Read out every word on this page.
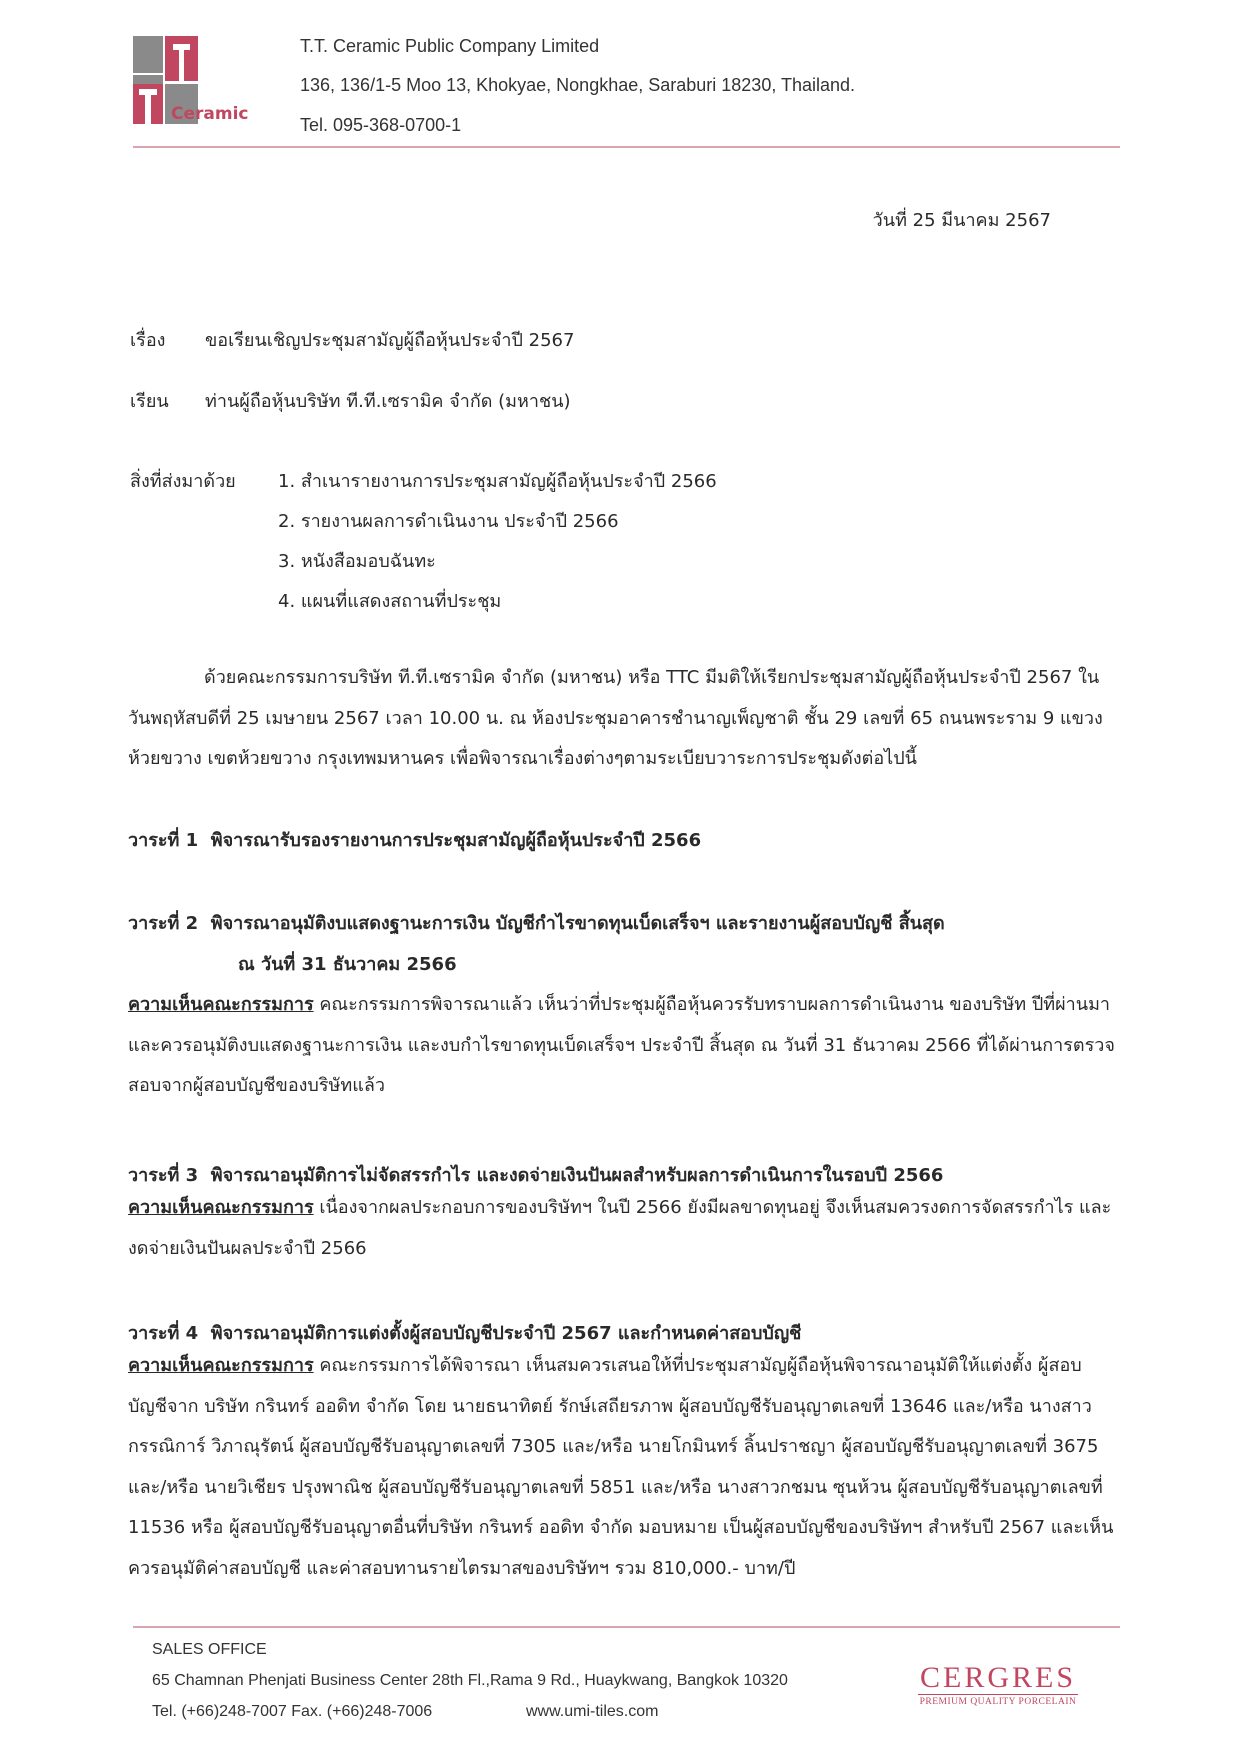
Ceramic
T.T. Ceramic Public Company Limited
136, 136/1-5 Moo 13, Khokyae, Nongkhae, Saraburi 18230, Thailand.
Tel. 095-368-0700-1
วันที่ 25 มีนาคม 2567
เรื่อง ขอเรียนเชิญประชุมสามัญผู้ถือหุ้นประจำปี 2567
เรียน ท่านผู้ถือหุ้นบริษัท ที.ที.เซรามิค จำกัด (มหาชน)
สิ่งที่ส่งมาด้วย 1. สำเนารายงานการประชุมสามัญผู้ถือหุ้นประจำปี 2566
2. รายงานผลการดำเนินงาน ประจำปี 2566
3. หนังสือมอบฉันทะ
4. แผนที่แสดงสถานที่ประชุม

ด้วยคณะกรรมการบริษัท ที.ที.เซรามิค จำกัด (มหาชน) หรือ TTC มีมติให้เรียกประชุมสามัญผู้ถือหุ้นประจำปี 2567 ในวันพฤหัสบดีที่ 25 เมษายน 2567 เวลา 10.00 น. ณ ห้องประชุมอาคารชำนาญเพ็ญชาติ ชั้น 29 เลขที่ 65 ถนนพระราม 9 แขวงห้วยขวาง เขตห้วยขวาง กรุงเทพมหานคร เพื่อพิจารณาเรื่องต่างๆตามระเบียบวาระการประชุมดังต่อไปนี้

วาระที่ 1 พิจารณารับรองรายงานการประชุมสามัญผู้ถือหุ้นประจำปี 2566
วาระที่ 2 พิจารณาอนุมัติงบแสดงฐานะการเงิน บัญชีกำไรขาดทุนเบ็ดเสร็จฯ และรายงานผู้สอบบัญชี สิ้นสุด
ณ วันที่ 31 ธันวาคม 2566

ความเห็นคณะกรรมการ คณะกรรมการพิจารณาแล้ว เห็นว่าที่ประชุมผู้ถือหุ้นควรรับทราบผลการดำเนินงาน ของบริษัท ปีที่ผ่านมา และควรอนุมัติงบแสดงฐานะการเงิน และงบกำไรขาดทุนเบ็ดเสร็จฯ ประจำปี สิ้นสุด ณ วันที่ 31 ธันวาคม 2566 ที่ได้ผ่านการตรวจสอบจากผู้สอบบัญชีของบริษัทแล้ว

วาระที่ 3 พิจารณาอนุมัติการไม่จัดสรรกำไร และงดจ่ายเงินปันผลสำหรับผลการดำเนินการในรอบปี 2566

ความเห็นคณะกรรมการ เนื่องจากผลประกอบการของบริษัทฯ ในปี 2566 ยังมีผลขาดทุนอยู่ จึงเห็นสมควรงดการจัดสรรกำไร และงดจ่ายเงินปันผลประจำปี 2566

วาระที่ 4 พิจารณาอนุมัติการแต่งตั้งผู้สอบบัญชีประจำปี 2567 และกำหนดค่าสอบบัญชี

ความเห็นคณะกรรมการ คณะกรรมการได้พิจารณา เห็นสมควรเสนอให้ที่ประชุมสามัญผู้ถือหุ้นพิจารณาอนุมัติให้แต่งตั้ง ผู้สอบบัญชีจาก บริษัท กรินทร์ ออดิท จำกัด โดย นายธนาทิตย์ รักษ์เสถียรภาพ ผู้สอบบัญชีรับอนุญาตเลขที่ 13646 และ/หรือ นางสาวกรรณิการ์ วิภาณุรัตน์ ผู้สอบบัญชีรับอนุญาตเลขที่ 7305 และ/หรือ นายโกมินทร์ ลิ้นปราชญา ผู้สอบบัญชีรับอนุญาตเลขที่ 3675 และ/หรือ นายวิเชียร ปรุงพาณิช ผู้สอบบัญชีรับอนุญาตเลขที่ 5851 และ/หรือ นางสาวกชมน ซุนห้วน ผู้สอบบัญชีรับอนุญาตเลขที่ 11536 หรือ ผู้สอบบัญชีรับอนุญาตอื่นที่บริษัท กรินทร์ ออดิท จำกัด มอบหมาย เป็นผู้สอบบัญชีของบริษัทฯ สำหรับปี 2567 และเห็นควรอนุมัติค่าสอบบัญชี และค่าสอบทานรายไตรมาสของบริษัทฯ รวม 810,000.- บาท/ปี

SALES OFFICE
65 Chamnan Phenjati Business Center 28th Fl.,Rama 9 Rd., Huaykwang, Bangkok 10320
Tel. (+66)248-7007 Fax. (+66)248-7006	www.umi-tiles.com
CERGRES
PREMIUM QUALITY PORCELAIN
